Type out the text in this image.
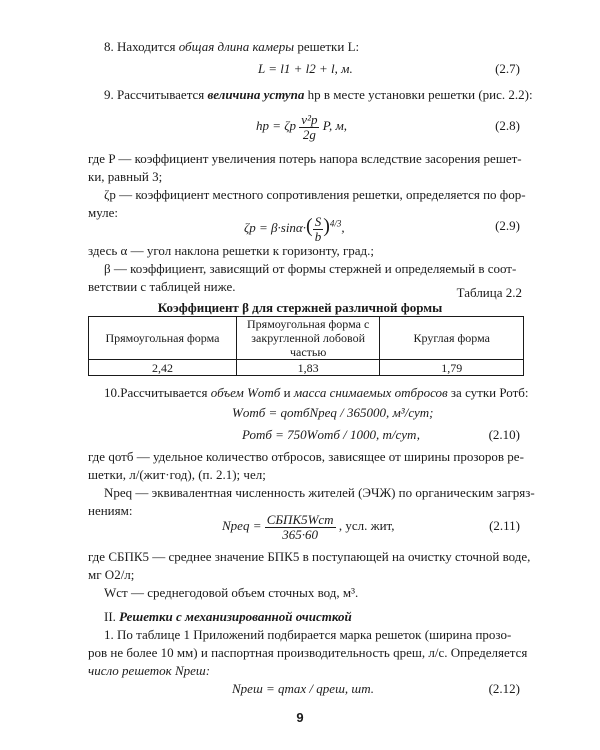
8. Находится общая длина камеры решетки L:
L = l1 + l2 + l, м.	(2.7)
9. Рассчитывается величина уступа hр в месте установки решетки (рис. 2.2):
hр = ζр $\frac{\text{v²р}}{2g} P$, м,	(2.8)
где P — коэффициент увеличения потерь напора вследствие засорения решет-
ки, равный 3;
ζр — коэффициент местного сопротивления решетки, определяется по фор-
муле:
$\zeta р = \beta\cdot\sin\alpha\cdot( \frac{S}{b} )^{4/3}$,	(2.9)
здесь α — угол наклона решетки к горизонту, град.;
β — коэффициент, зависящий от формы стержней и определяемый в соот-
ветствии с таблицей ниже.	Таблица 2.2
Коэффициент β для стержней различной формы
Прямоугольная форма	Прямоугольная форма с закругленной лобовой частью	Круглая форма
2,42	1,83	1,79
10.Рассчитывается объем Wотб и масса снимаемых отбросов за сутки Ротб:
Wотб = qотбNрeq / 365000, м³/сут;
Ротб = 750Wотб / 1000, т/сут,	(2.10)
где qотб — удельное количество отбросов, зависящее от ширины прозоров ре-
шетки, л/(жит·год), (п. 2.1); чел;
Nрeq — эквивалентная численность жителей (ЭЧЖ) по органическим загряз-
нениям:
Nрeq = $\frac{\text{CБПК5Wст}}{365\cdot 60}$ , усл. жит,	(2.11)
где CБПК5 — среднее значение БПК5 в поступающей на очистку сточной воде,
мг O2/л;
Wст — среднегодовой объем сточных вод, м³.
II. Решетки с механизированной очисткой
1. По таблице 1 Приложений подбирается марка решеток (ширина прозо-
ров не более 10 мм) и паспортная производительность qреш, л/с. Определяется
число решеток Nреш:
Nреш = qmax / qреш, шт.	(2.12)
9
